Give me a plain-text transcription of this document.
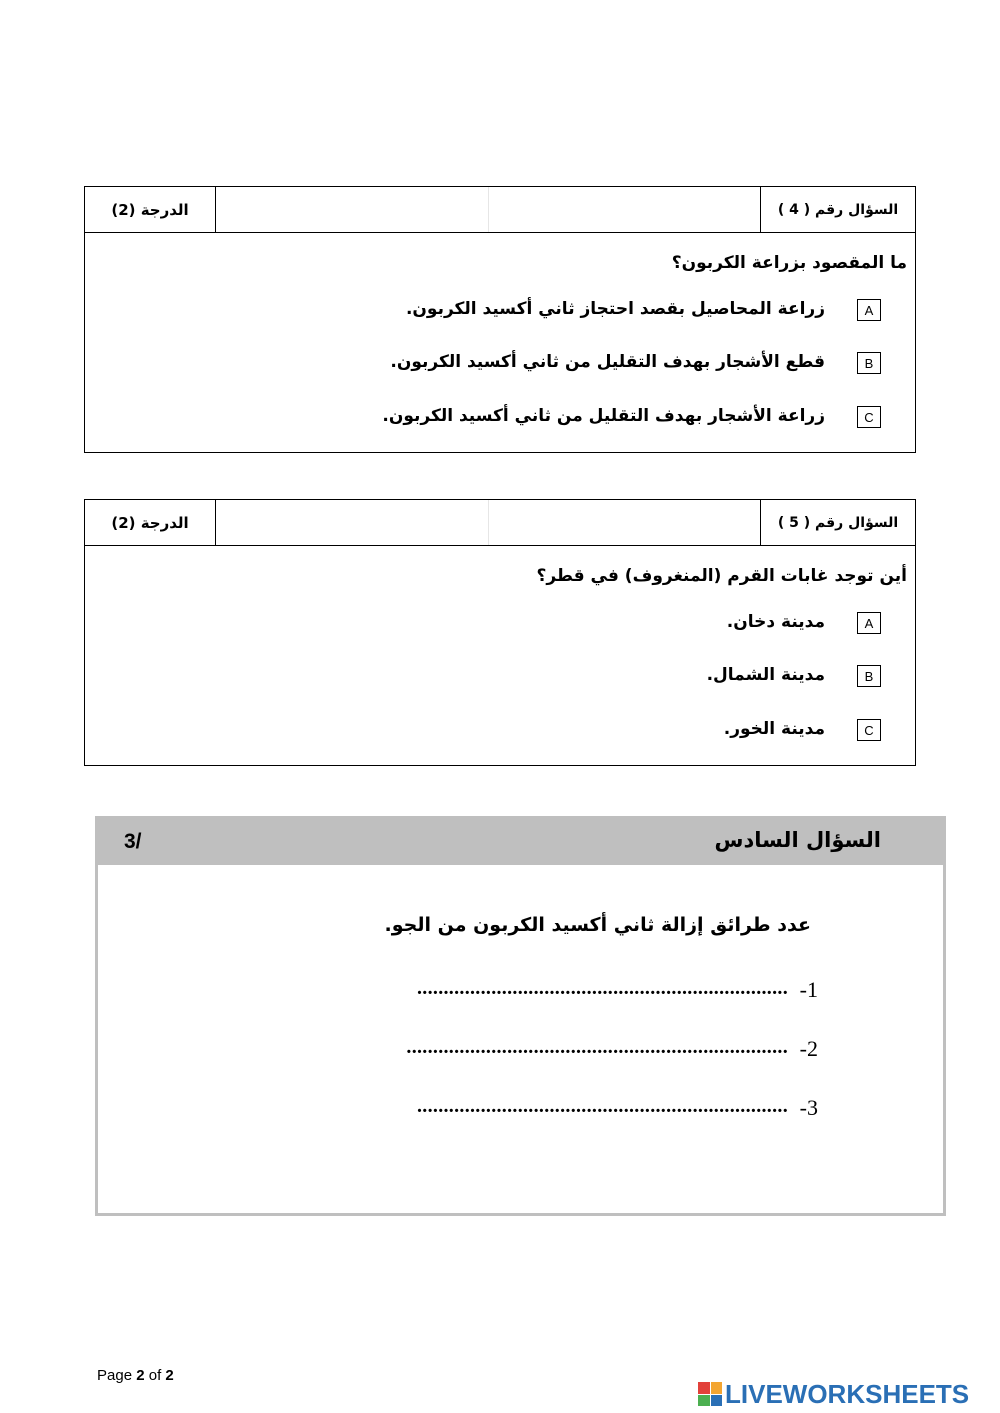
الدرجة (2)	السؤال رقم ( 4 )
ما المقصود بزراعة الكربون؟
A
زراعة المحاصيل بقصد احتجاز ثاني أكسيد الكربون.
B
قطع الأشجار بهدف التقليل من ثاني أكسيد الكربون.
C
زراعة الأشجار بهدف التقليل من ثاني أكسيد الكربون.
الدرجة (2)	السؤال رقم ( 5 )
أين توجد غابات القرم (المنغروف) في قطر؟
A
مدينة دخان.
B
مدينة الشمال.
C
مدينة الخور.
السؤال السادس
3/
عدد طرائق إزالة ثاني أكسيد الكربون من الجو.
-1
......................................................................
-2
........................................................................
-3
......................................................................
Page 2 of 2
LIVEWORKSHEETS
